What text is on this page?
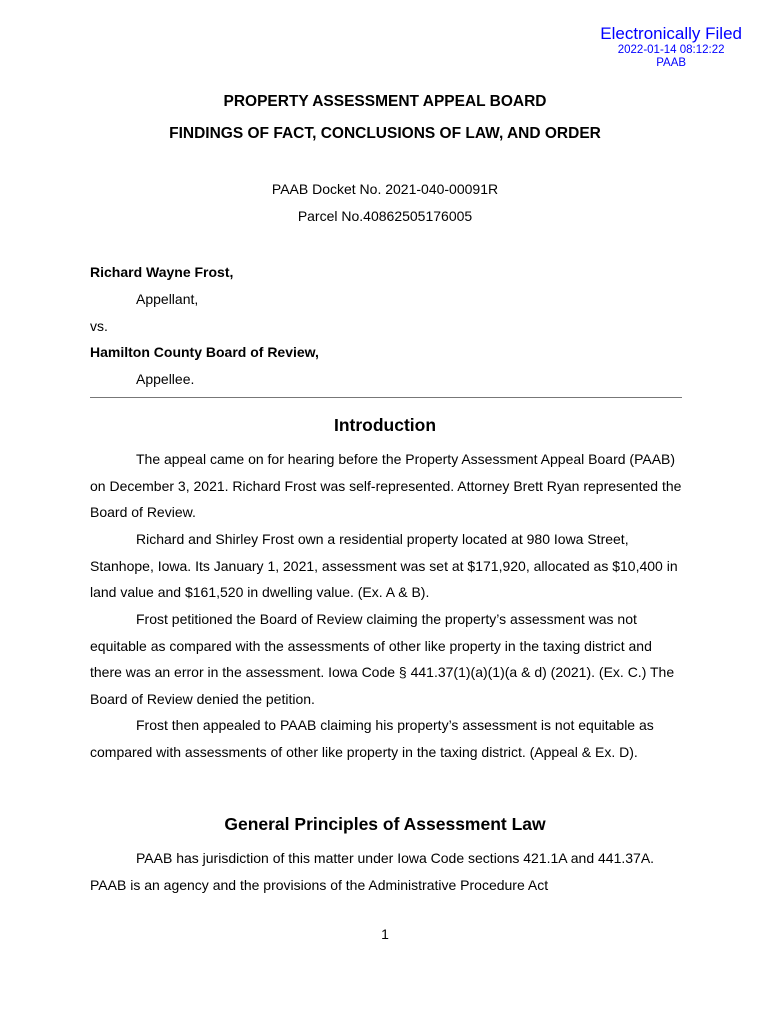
Electronically Filed
2022-01-14 08:12:22
PAAB
PROPERTY ASSESSMENT APPEAL BOARD
FINDINGS OF FACT, CONCLUSIONS OF LAW, AND ORDER
PAAB Docket No. 2021-040-00091R
Parcel No.40862505176005
Richard Wayne Frost,
Appellant,
vs.
Hamilton County Board of Review,
Appellee.
Introduction

The appeal came on for hearing before the Property Assessment Appeal Board (PAAB) on December 3, 2021. Richard Frost was self-represented. Attorney Brett Ryan represented the Board of Review.

Richard and Shirley Frost own a residential property located at 980 Iowa Street, Stanhope, Iowa. Its January 1, 2021, assessment was set at $171,920, allocated as $10,400 in land value and $161,520 in dwelling value. (Ex. A & B).

Frost petitioned the Board of Review claiming the property’s assessment was not equitable as compared with the assessments of other like property in the taxing district and there was an error in the assessment. Iowa Code § 441.37(1)(a)(1)(a & d) (2021). (Ex. C.) The Board of Review denied the petition.

Frost then appealed to PAAB claiming his property’s assessment is not equitable as compared with assessments of other like property in the taxing district. (Appeal & Ex. D).

General Principles of Assessment Law

PAAB has jurisdiction of this matter under Iowa Code sections 421.1A and 441.37A. PAAB is an agency and the provisions of the Administrative Procedure Act

1
